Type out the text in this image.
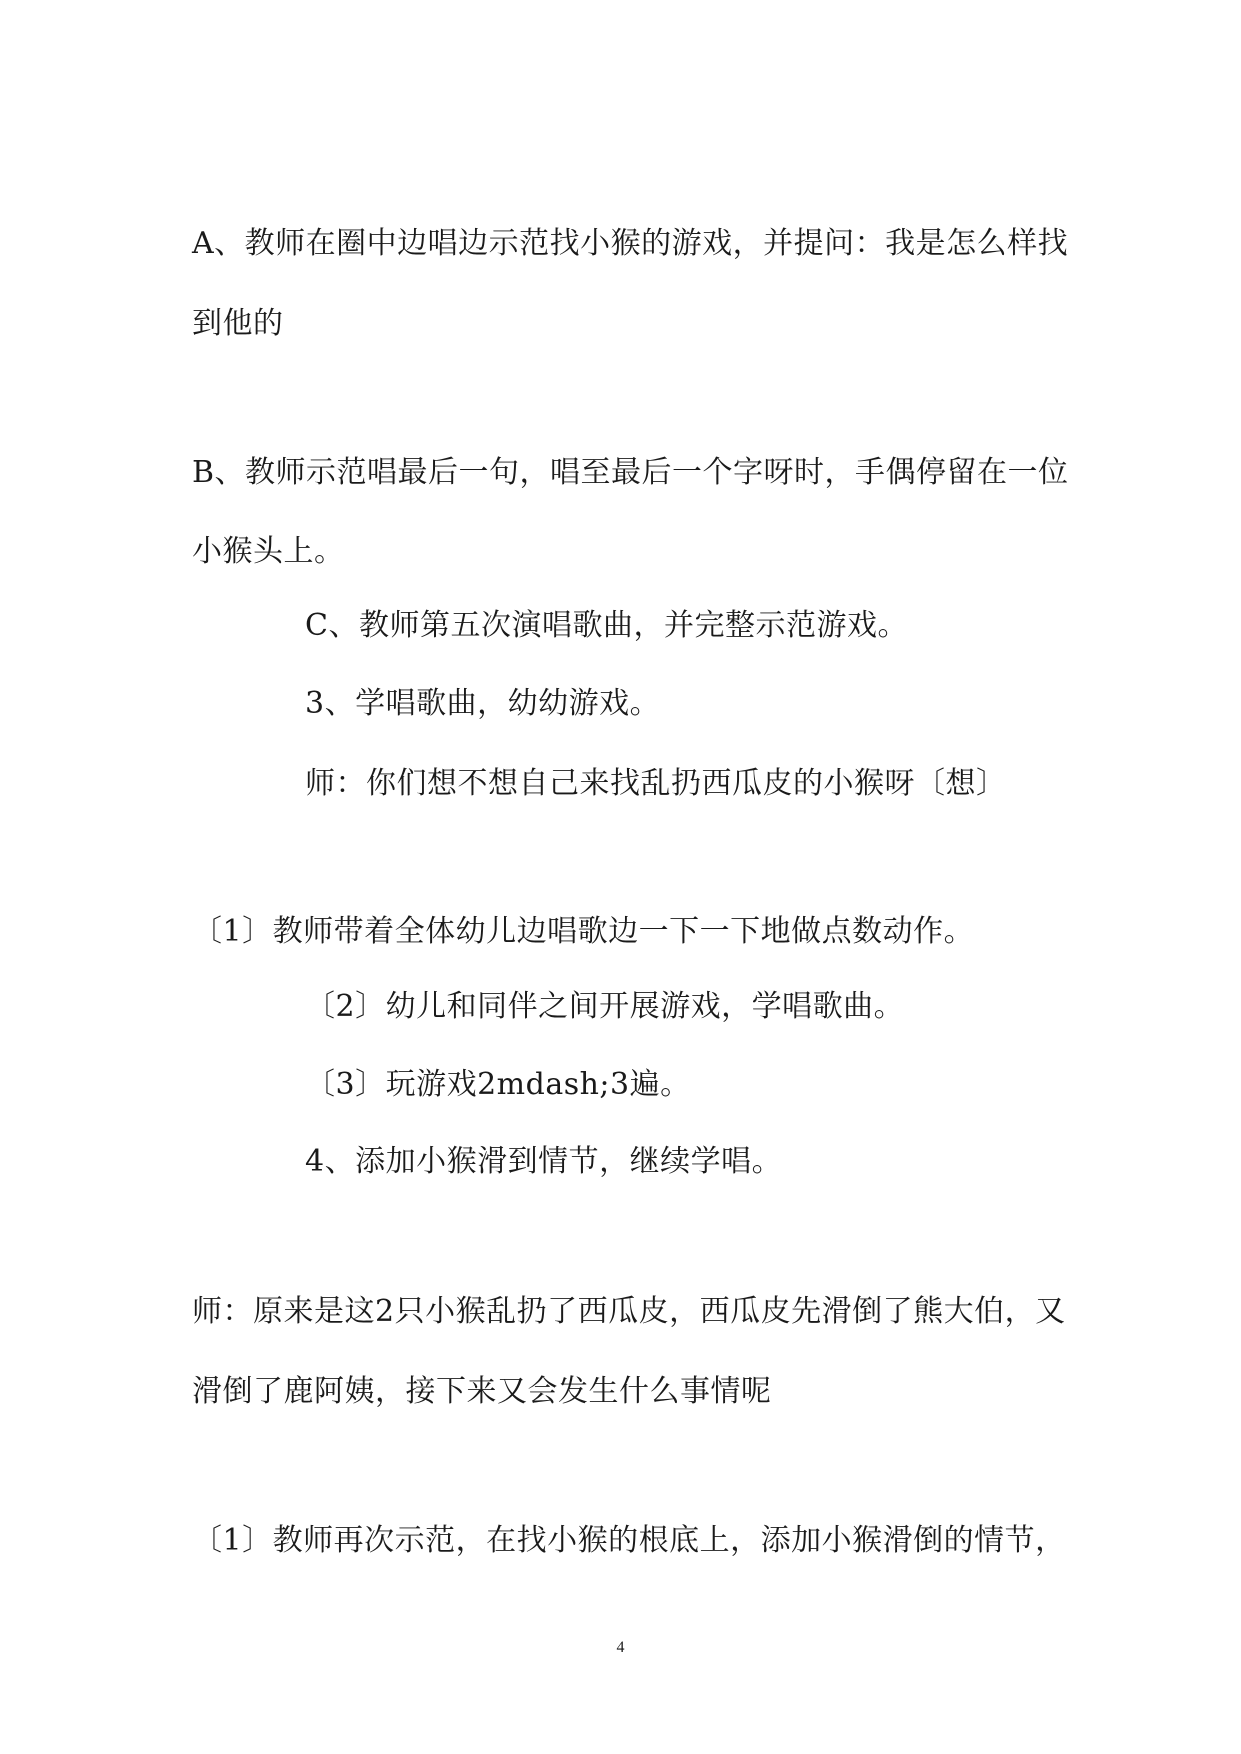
A、教师在圈中边唱边示范找小猴的游戏，并提问：我是怎么样找
到他的
B、教师示范唱最后一句，唱至最后一个字呀时，手偶停留在一位
小猴头上。
C、教师第五次演唱歌曲，并完整示范游戏。
3、学唱歌曲，幼幼游戏。
师：你们想不想自己来找乱扔西瓜皮的小猴呀〔想〕
〔1〕教师带着全体幼儿边唱歌边一下一下地做点数动作。
〔2〕幼儿和同伴之间开展游戏，学唱歌曲。
〔3〕玩游戏2mdash;3遍。
4、添加小猴滑到情节，继续学唱。
师：原来是这2只小猴乱扔了西瓜皮，西瓜皮先滑倒了熊大伯，又
滑倒了鹿阿姨，接下来又会发生什么事情呢
〔1〕教师再次示范，在找小猴的根底上，添加小猴滑倒的情节，
4
